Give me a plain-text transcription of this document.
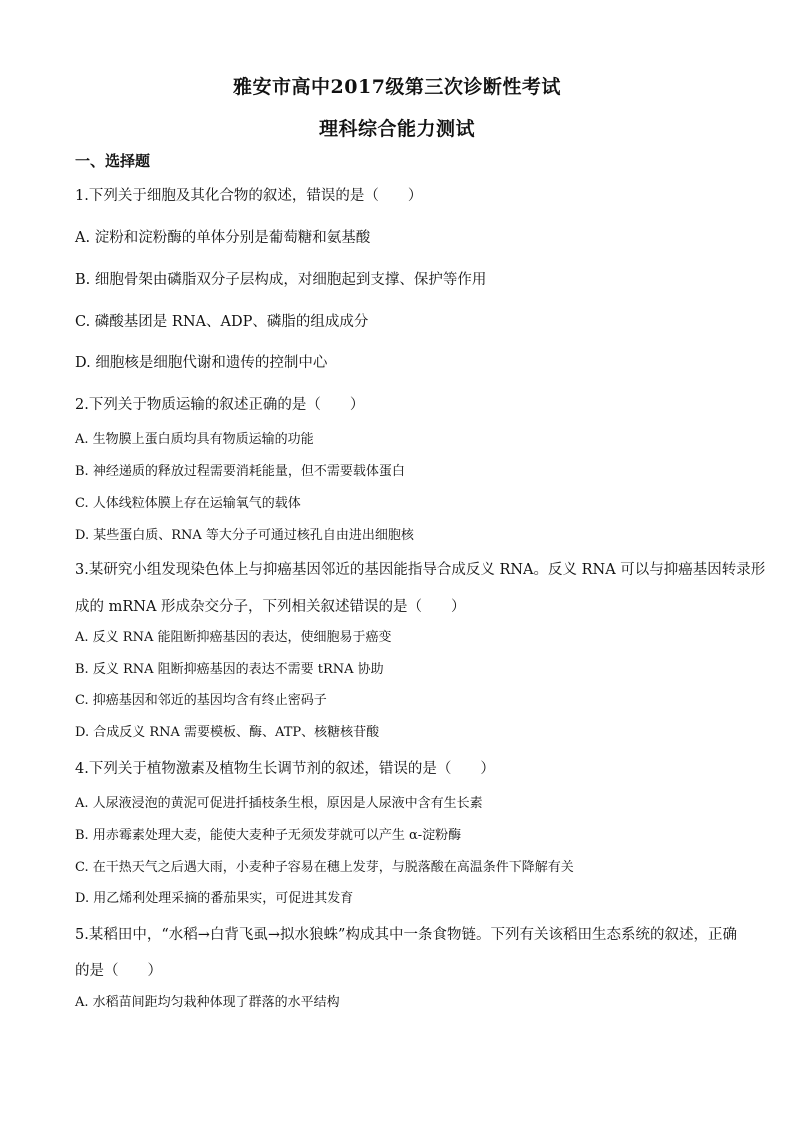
雅安市高中2017级第三次诊断性考试
理科综合能力测试
一、选择题
1.下列关于细胞及其化合物的叙述，错误的是（　　）
A. 淀粉和淀粉酶的单体分别是葡萄糖和氨基酸
B. 细胞骨架由磷脂双分子层构成，对细胞起到支撑、保护等作用
C. 磷酸基团是 RNA、ADP、磷脂的组成成分
D. 细胞核是细胞代谢和遗传的控制中心
2.下列关于物质运输的叙述正确的是（　　）
A. 生物膜上蛋白质均具有物质运输的功能
B. 神经递质的释放过程需要消耗能量，但不需要载体蛋白
C. 人体线粒体膜上存在运输氧气的载体
D. 某些蛋白质、RNA 等大分子可通过核孔自由进出细胞核
3.某研究小组发现染色体上与抑癌基因邻近的基因能指导合成反义 RNA。反义 RNA 可以与抑癌基因转录形
成的 mRNA 形成杂交分子，下列相关叙述错误的是（　　）
A. 反义 RNA 能阻断抑癌基因的表达，使细胞易于癌变
B. 反义 RNA 阻断抑癌基因的表达不需要 tRNA 协助
C. 抑癌基因和邻近的基因均含有终止密码子
D. 合成反义 RNA 需要模板、酶、ATP、核糖核苷酸
4.下列关于植物激素及植物生长调节剂的叙述，错误的是（　　）
A. 人尿液浸泡的黄泥可促进扦插枝条生根，原因是人尿液中含有生长素
B. 用赤霉素处理大麦，能使大麦种子无须发芽就可以产生 α-淀粉酶
C. 在干热天气之后遇大雨，小麦种子容易在穗上发芽，与脱落酸在高温条件下降解有关
D. 用乙烯利处理采摘的番茄果实，可促进其发育
5.某稻田中，“水稻→白背飞虱→拟水狼蛛”构成其中一条食物链。下列有关该稻田生态系统的叙述，正确
的是（　　）
A. 水稻苗间距均匀栽种体现了群落的水平结构
